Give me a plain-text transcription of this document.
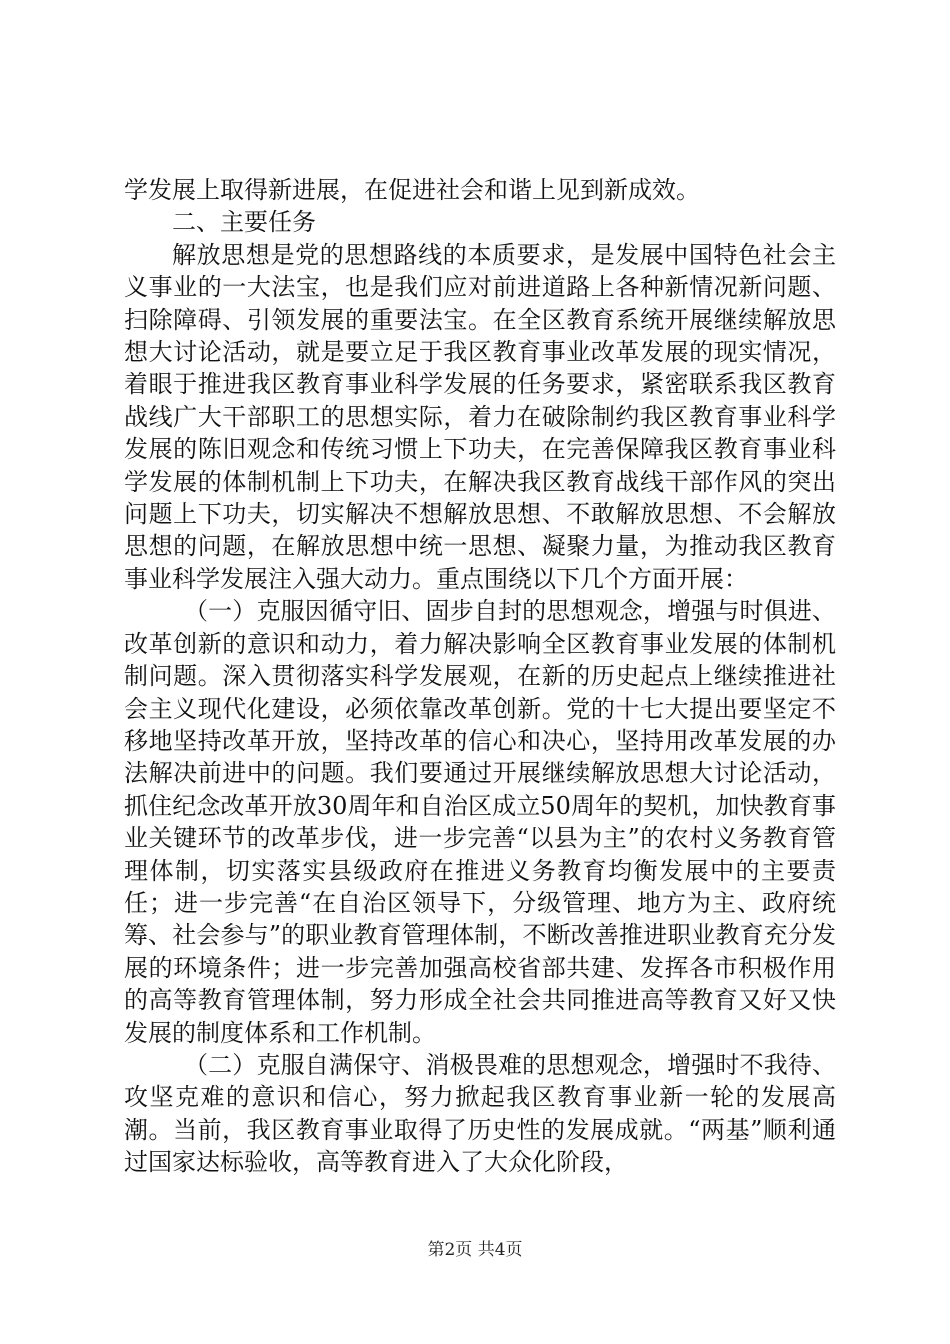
学发展上取得新进展，在促进社会和谐上见到新成效。

二、主要任务

解放思想是党的思想路线的本质要求，是发展中国特色社会主义事业的一大法宝，也是我们应对前进道路上各种新情况新问题、扫除障碍、引领发展的重要法宝。在全区教育系统开展继续解放思想大讨论活动，就是要立足于我区教育事业改革发展的现实情况，着眼于推进我区教育事业科学发展的任务要求，紧密联系我区教育战线广大干部职工的思想实际，着力在破除制约我区教育事业科学发展的陈旧观念和传统习惯上下功夫，在完善保障我区教育事业科学发展的体制机制上下功夫，在解决我区教育战线干部作风的突出问题上下功夫，切实解决不想解放思想、不敢解放思想、不会解放思想的问题，在解放思想中统一思想、凝聚力量，为推动我区教育事业科学发展注入强大动力。重点围绕以下几个方面开展：

（一）克服因循守旧、固步自封的思想观念，增强与时俱进、改革创新的意识和动力，着力解决影响全区教育事业发展的体制机制问题。深入贯彻落实科学发展观，在新的历史起点上继续推进社会主义现代化建设，必须依靠改革创新。党的十七大提出要坚定不移地坚持改革开放，坚持改革的信心和决心，坚持用改革发展的办法解决前进中的问题。我们要通过开展继续解放思想大讨论活动，抓住纪念改革开放30周年和自治区成立50周年的契机，加快教育事业关键环节的改革步伐，进一步完善“以县为主”的农村义务教育管理体制，切实落实县级政府在推进义务教育均衡发展中的主要责任；进一步完善“在自治区领导下，分级管理、地方为主、政府统筹、社会参与”的职业教育管理体制，不断改善推进职业教育充分发展的环境条件；进一步完善加强高校省部共建、发挥各市积极作用的高等教育管理体制，努力形成全社会共同推进高等教育又好又快发展的制度体系和工作机制。

（二）克服自满保守、消极畏难的思想观念，增强时不我待、攻坚克难的意识和信心，努力掀起我区教育事业新一轮的发展高潮。当前，我区教育事业取得了历史性的发展成就。“两基”顺利通过国家达标验收，高等教育进入了大众化阶段，

第2页 共4页
